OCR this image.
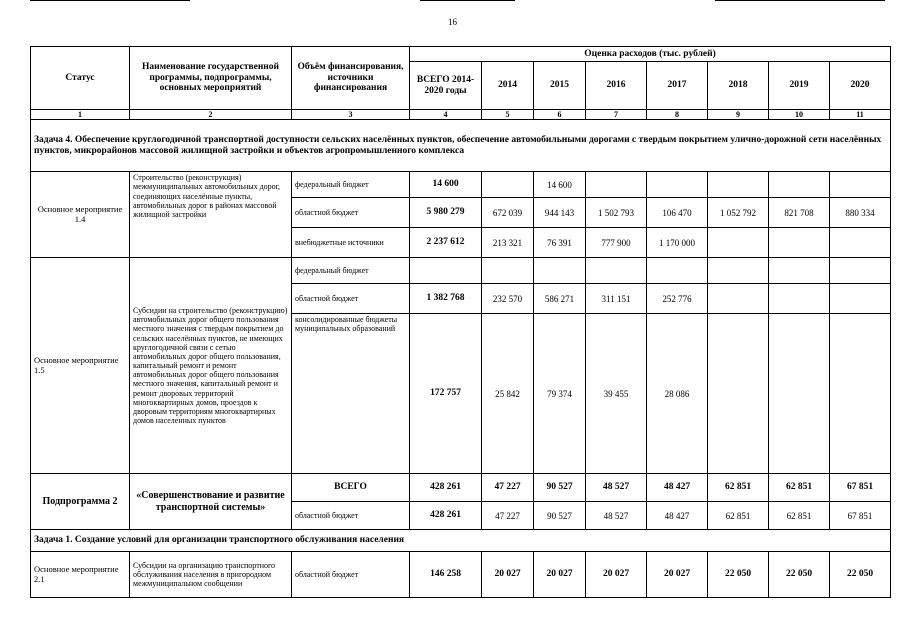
16
Статус	Наименование государственной программы, подпрограммы, основных мероприятий	Объём финансирования, источники финансирования	Оценка расходов (тыс. рублей)							
			ВСЕГО 2014-2020 годы	2014	2015	2016	2017	2018	2019	2020
1	2	3	4	5	6	7	8	9	10	11
Задача 4. Обеспечение круглогодичной транспортной доступности сельских населённых пунктов, обеспечение автомобильными дорогами с твердым покрытием улично-дорожной сети населённых пунктов, микрорайонов массовой жилищной застройки и объектов агропромышленного комплекса										
Основное мероприятие 1.4	Строительство (реконструкция) межмуниципальных автомобильных дорог, соединяющих населённые пункты, автомобильных дорог в районах массовой жилищной застройки	федеральный бюджет	14 600		14 600					
		областной бюджет	5 980 279	672 039	944 143	1 502 793	106 470	1 052 792	821 708	880 334
		внебюджетные источники	2 237 612	213 321	76 391	777 900	1 170 000			
Основное мероприятие 1.5	Субсидии на строительство (реконструкцию) автомобильных дорог общего пользования местного значения с твердым покрытием до сельских населённых пунктов, не имеющих круглогодичной связи с сетью автомобильных дорог общего пользования, капитальный ремонт и ремонт автомобильных дорог общего пользования местного значения, капитальный ремонт и ремонт дворовых территорий многоквартирных домов, проездов к дворовым территориям многоквартирных домов населенных пунктов	федеральный бюджет								
		областной бюджет	1 382 768	232 570	586 271	311 151	252 776			
		консолидированные бюджеты муниципальных образований	172 757	25 842	79 374	39 455	28 086			
Подпрограмма 2	«Совершенствование и развитие транспортной системы»	ВСЕГО	428 261	47 227	90 527	48 527	48 427	62 851	62 851	67 851
		областной бюджет	428 261	47 227	90 527	48 527	48 427	62 851	62 851	67 851
Задача 1. Создание условий для организации транспортного обслуживания населения										
Основное мероприятие 2.1	Субсидии на организацию транспортного обслуживания населения в пригородном межмуниципальном сообщении	областной бюджет	146 258	20 027	20 027	20 027	20 027	22 050	22 050	22 050
